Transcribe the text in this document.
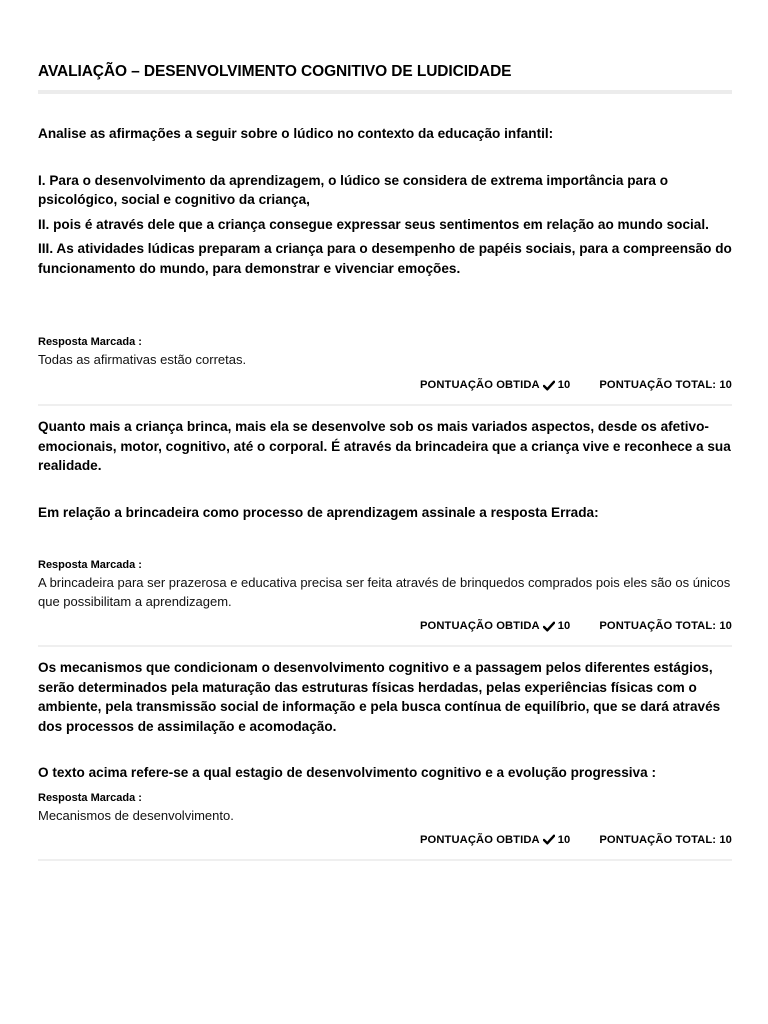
AVALIAÇÃO – DESENVOLVIMENTO COGNITIVO DE LUDICIDADE

Analise as afirmações a seguir sobre o lúdico no contexto da educação infantil:

I. Para o desenvolvimento da aprendizagem, o lúdico se considera de extrema importância para o psicológico, social e cognitivo da criança,

II. pois é através dele que a criança consegue expressar seus sentimentos em relação ao mundo social.

III. As atividades lúdicas preparam a criança para o desempenho de papéis sociais, para a compreensão do funcionamento do mundo, para demonstrar e vivenciar emoções.

Resposta Marcada :

Todas as afirmativas estão corretas.

PONTUAÇÃO OBTIDA 10	PONTUAÇÃO TOTAL: 10

Quanto mais a criança brinca, mais ela se desenvolve sob os mais variados aspectos, desde os afetivo-emocionais, motor, cognitivo, até o corporal. É através da brincadeira que a criança vive e reconhece a sua realidade.

Em relação a brincadeira como processo de aprendizagem assinale a resposta Errada:

Resposta Marcada :

A brincadeira para ser prazerosa e educativa precisa ser feita através de brinquedos comprados pois eles são os únicos que possibilitam a aprendizagem.

PONTUAÇÃO OBTIDA 10	PONTUAÇÃO TOTAL: 10

Os mecanismos que condicionam o desenvolvimento cognitivo e a passagem pelos diferentes estágios, serão determinados pela maturação das estruturas físicas herdadas, pelas experiências físicas com o ambiente, pela transmissão social de informação e pela busca contínua de equilíbrio, que se dará através dos processos de assimilação e acomodação.

O texto acima refere-se a qual estagio de desenvolvimento cognitivo e a evolução progressiva :

Resposta Marcada :

Mecanismos de desenvolvimento.

PONTUAÇÃO OBTIDA 10	PONTUAÇÃO TOTAL: 10
